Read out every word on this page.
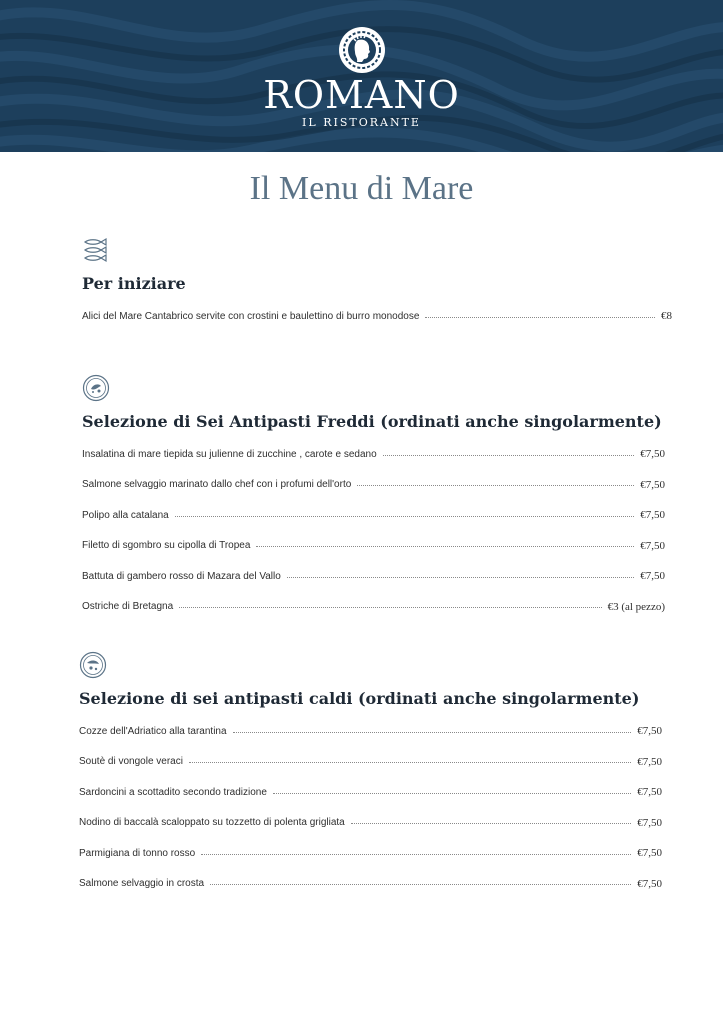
ROMANO
IL RISTORANTE
Il Menu di Mare
Per iniziare
Alici del Mare Cantabrico servite con crostini e baulettino di burro monodose	€8
Selezione di Sei Antipasti Freddi (ordinati anche singolarmente)
Insalatina di mare tiepida su julienne di zucchine , carote e sedano	€7,50
Salmone selvaggio marinato dallo chef con i profumi dell'orto	€7,50
Polipo alla catalana	€7,50
Filetto di sgombro su cipolla di Tropea	€7,50
Battuta di gambero rosso di Mazara del Vallo	€7,50
Ostriche di Bretagna	€3 (al pezzo)
Selezione di sei antipasti caldi (ordinati anche singolarmente)
Cozze dell'Adriatico alla tarantina	€7,50
Soutè di vongole veraci	€7,50
Sardoncini a scottadito secondo tradizione	€7,50
Nodino di baccalà scaloppato su tozzetto di polenta grigliata	€7,50
Parmigiana di tonno rosso	€7,50
Salmone selvaggio in crosta	€7,50
